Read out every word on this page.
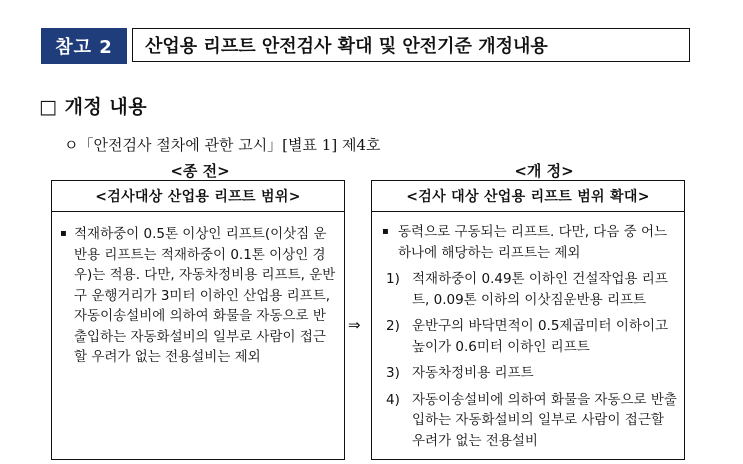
참고 2	산업용 리프트 안전검사 확대 및 안전기준 개정내용
□ 개정 내용
ㅇ「안전검사 절차에 관한 고시」[별표 1] 제4호
<종 전>	<개 정>
<검사대상 산업용 리프트 범위>
▪ 적재하중이 0.5톤 이상인 리프트(이삿짐 운반용 리프트는 적재하중이 0.1톤 이상인 경우)는 적용. 다만, 자동차정비용 리프트, 운반구 운행거리가 3미터 이하인 산업용 리프트, 자동이송설비에 의하여 화물을 자동으로 반출입하는 자동화설비의 일부로 사람이 접근할 우려가 없는 전용설비는 제외
⇒
<검사 대상 산업용 리프트 범위 확대>
▪ 동력으로 구동되는 리프트. 다만, 다음 중 어느 하나에 해당하는 리프트는 제외
1) 적재하중이 0.49톤 이하인 건설작업용 리프트, 0.09톤 이하의 이삿짐운반용 리프트
2) 운반구의 바닥면적이 0.5제곱미터 이하이고 높이가 0.6미터 이하인 리프트
3) 자동차정비용 리프트
4) 자동이송설비에 의하여 화물을 자동으로 반출입하는 자동화설비의 일부로 사람이 접근할 우려가 없는 전용설비
